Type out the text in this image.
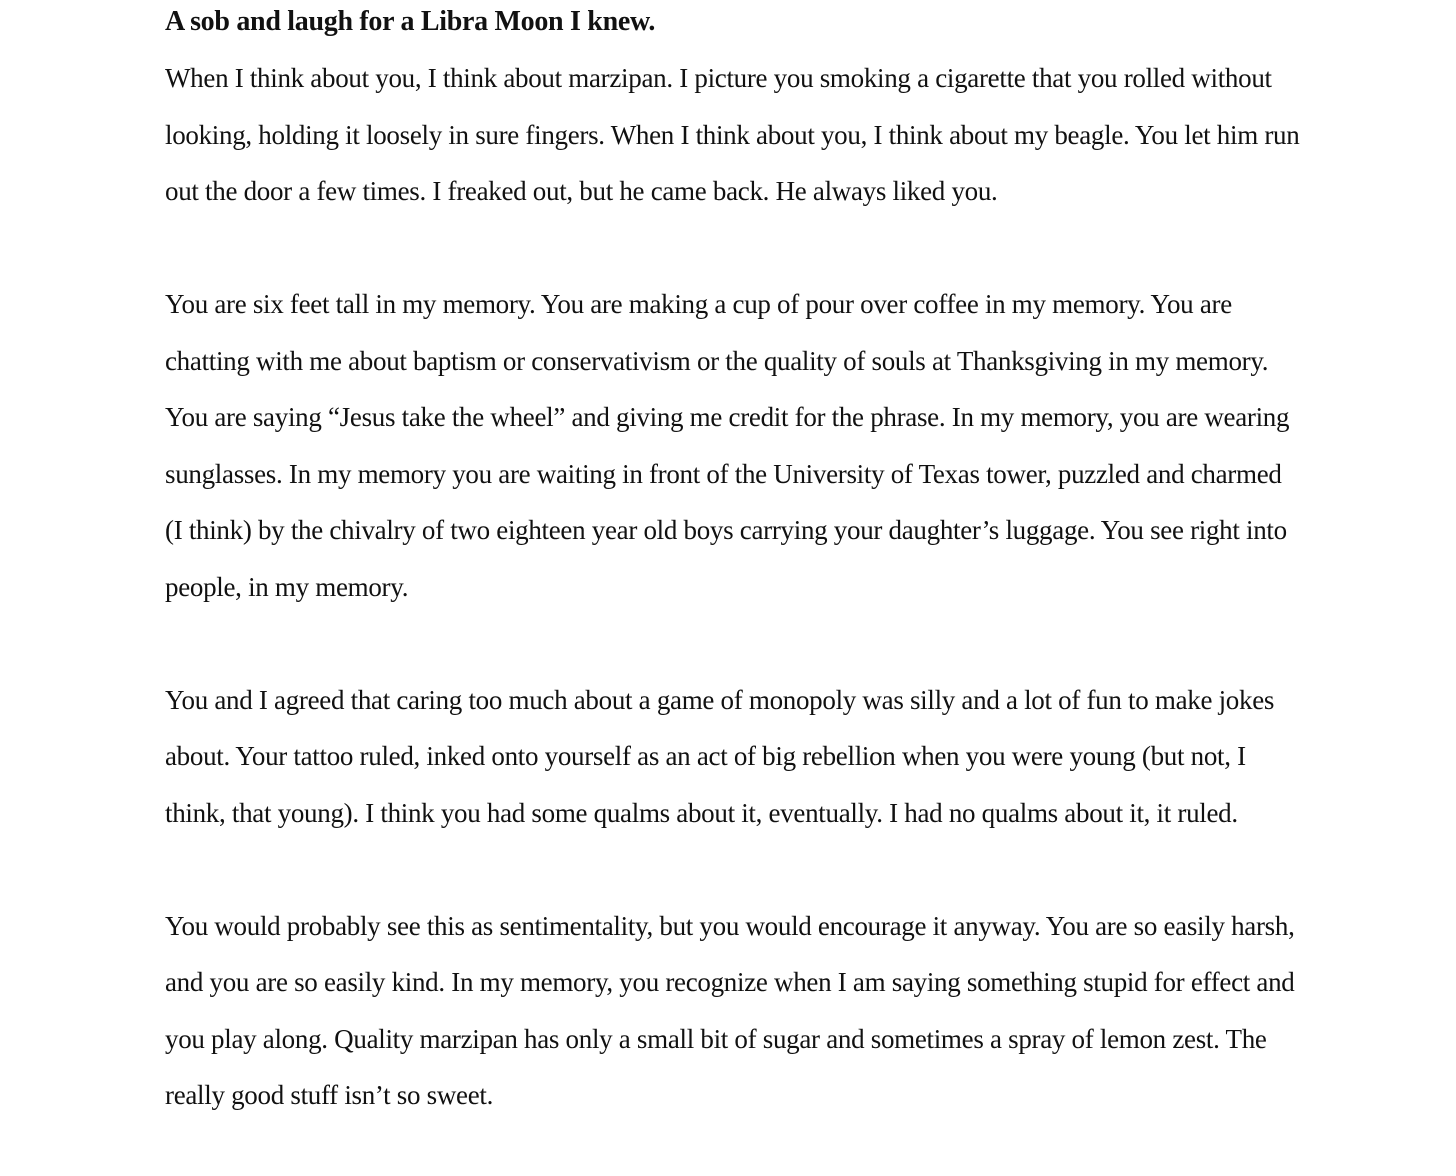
A sob and laugh for a Libra Moon I knew.

When I think about you, I think about marzipan. I picture you smoking a cigarette that you rolled without looking, holding it loosely in sure fingers. When I think about you, I think about my beagle. You let him run out the door a few times. I freaked out, but he came back. He always liked you.

You are six feet tall in my memory. You are making a cup of pour over coffee in my memory. You are chatting with me about baptism or conservativism or the quality of souls at Thanksgiving in my memory. You are saying “Jesus take the wheel” and giving me credit for the phrase. In my memory, you are wearing sunglasses. In my memory you are waiting in front of the University of Texas tower, puzzled and charmed (I think) by the chivalry of two eighteen year old boys carrying your daughter’s luggage. You see right into people, in my memory.

You and I agreed that caring too much about a game of monopoly was silly and a lot of fun to make jokes about. Your tattoo ruled, inked onto yourself as an act of big rebellion when you were young (but not, I think, that young). I think you had some qualms about it, eventually. I had no qualms about it, it ruled.

You would probably see this as sentimentality, but you would encourage it anyway. You are so easily harsh, and you are so easily kind. In my memory, you recognize when I am saying something stupid for effect and you play along. Quality marzipan has only a small bit of sugar and sometimes a spray of lemon zest. The really good stuff isn’t so sweet.
